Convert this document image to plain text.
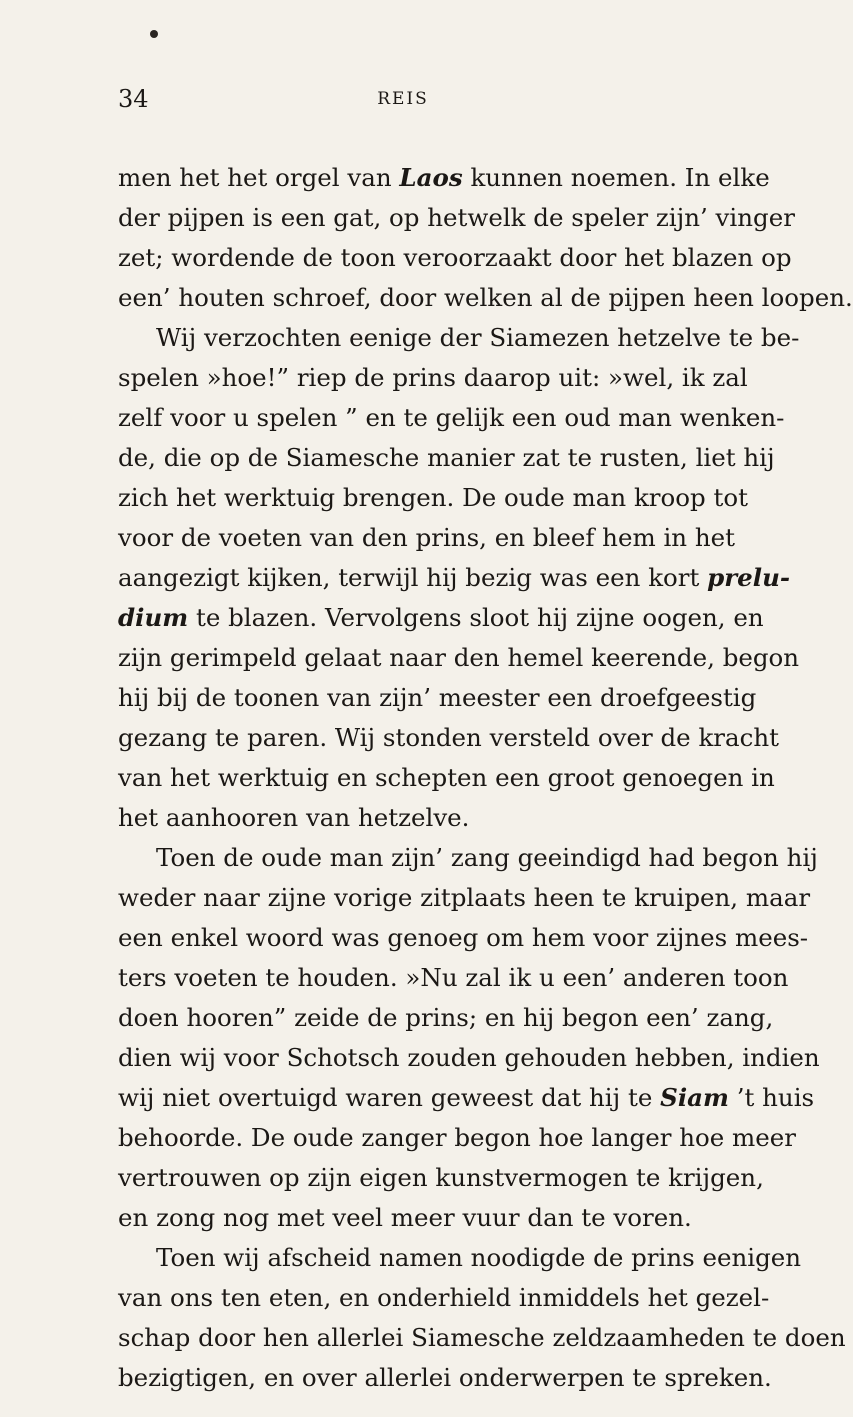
34	REIS
men het het orgel van Laos kunnen noemen. In elke
der pijpen is een gat, op hetwelk de speler zijn’ vinger
zet; wordende de toon veroorzaakt door het blazen op
een’ houten schroef, door welken al de pijpen heen loopen.
Wij verzochten eenige der Siamezen hetzelve te be-
spelen »hoe!” riep de prins daarop uit: »wel, ik zal
zelf voor u spelen ” en te gelijk een oud man wenken-
de, die op de Siamesche manier zat te rusten, liet hij
zich het werktuig brengen. De oude man kroop tot
voor de voeten van den prins, en bleef hem in het
aangezigt kijken, terwijl hij bezig was een kort prelu-
dium te blazen. Vervolgens sloot hij zijne oogen, en
zijn gerimpeld gelaat naar den hemel keerende, begon
hij bij de toonen van zijn’ meester een droefgeestig
gezang te paren. Wij stonden versteld over de kracht
van het werktuig en schepten een groot genoegen in
het aanhooren van hetzelve.
Toen de oude man zijn’ zang geeindigd had begon hij
weder naar zijne vorige zitplaats heen te kruipen, maar
een enkel woord was genoeg om hem voor zijnes mees-
ters voeten te houden. »Nu zal ik u een’ anderen toon
doen hooren” zeide de prins; en hij begon een’ zang,
dien wij voor Schotsch zouden gehouden hebben, indien
wij niet overtuigd waren geweest dat hij te Siam ’t huis
behoorde. De oude zanger begon hoe langer hoe meer
vertrouwen op zijn eigen kunstvermogen te krijgen,
en zong nog met veel meer vuur dan te voren.
Toen wij afscheid namen noodigde de prins eenigen
van ons ten eten, en onderhield inmiddels het gezel-
schap door hen allerlei Siamesche zeldzaamheden te doen
bezigtigen, en over allerlei onderwerpen te spreken.
